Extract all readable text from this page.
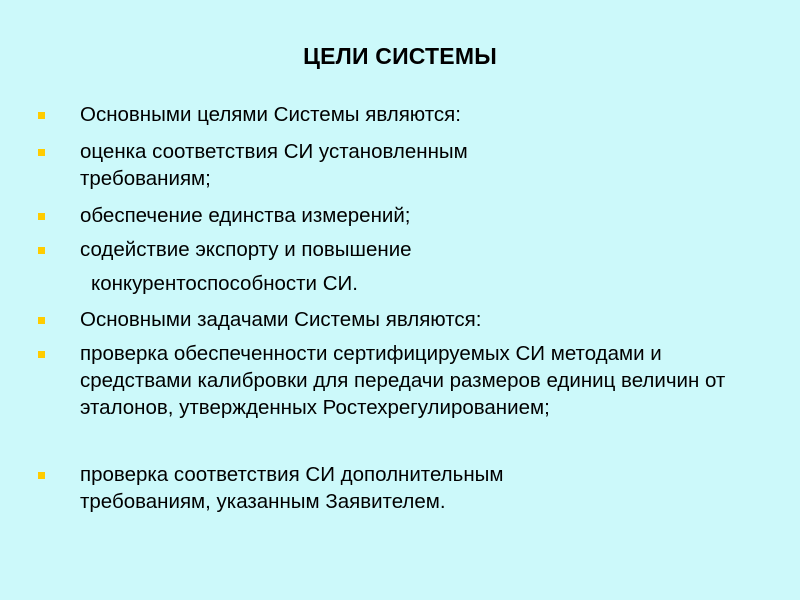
ЦЕЛИ СИСТЕМЫ
Основными целями Системы являются:
оценка соответствия СИ установленным требованиям;
обеспечение единства измерений;
содействие экспорту и повышение
конкурентоспособности СИ.
Основными задачами Системы являются:
проверка обеспеченности сертифицируемых СИ методами и средствами калибровки для передачи размеров единиц величин от эталонов, утвержденных Ростехрегулированием;
проверка соответствия СИ дополнительным требованиям, указанным Заявителем.
